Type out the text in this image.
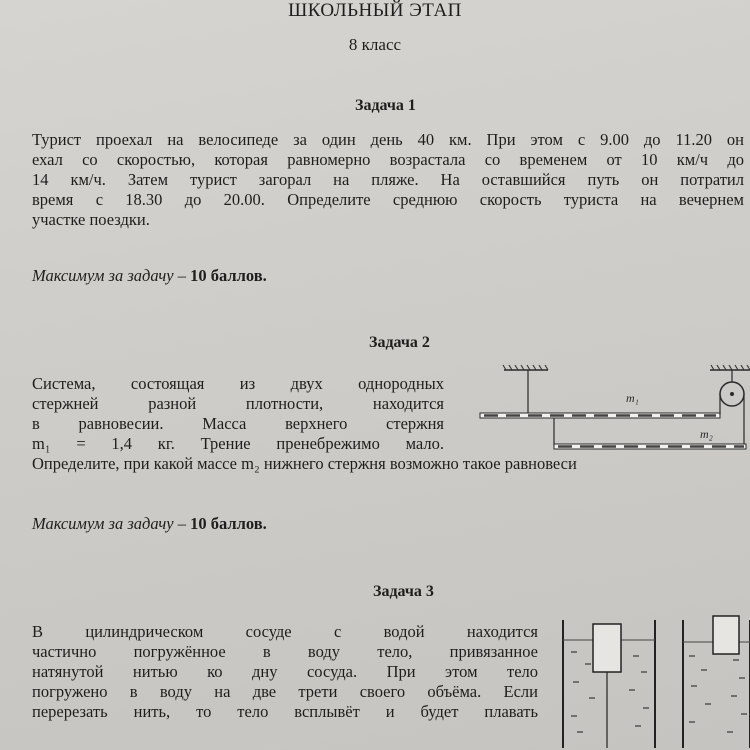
ШКОЛЬНЫЙ ЭТАП
8 класс
Задача 1
Турист проехал на велосипеде за один день 40 км. При этом с 9.00 до 11.20 он
ехал со скоростью, которая равномерно возрастала со временем от 10 км/ч до
14 км/ч. Затем турист загорал на пляже. На оставшийся путь он потратил
время с 18.30 до 20.00. Определите среднюю скорость туриста на вечернем
участке поездки.
Максимум за задачу – 10 баллов.
Задача 2
Система, состоящая из двух однородных
стержней разной плотности, находится
в равновесии. Масса верхнего стержня
m₁ = 1,4 кг. Трение пренебрежимо мало.
Определите, при какой массе m₂ нижнего стержня возможно такое равновеси
Максимум за задачу – 10 баллов.
m₁
m₂
Задача 3
В цилиндрическом сосуде с водой находится
частично погружённое в воду тело, привязанное
натянутой нитью ко дну сосуда. При этом тело
погружено в воду на две трети своего объёма. Если
перерезать нить, то тело всплывёт и будет плавать
